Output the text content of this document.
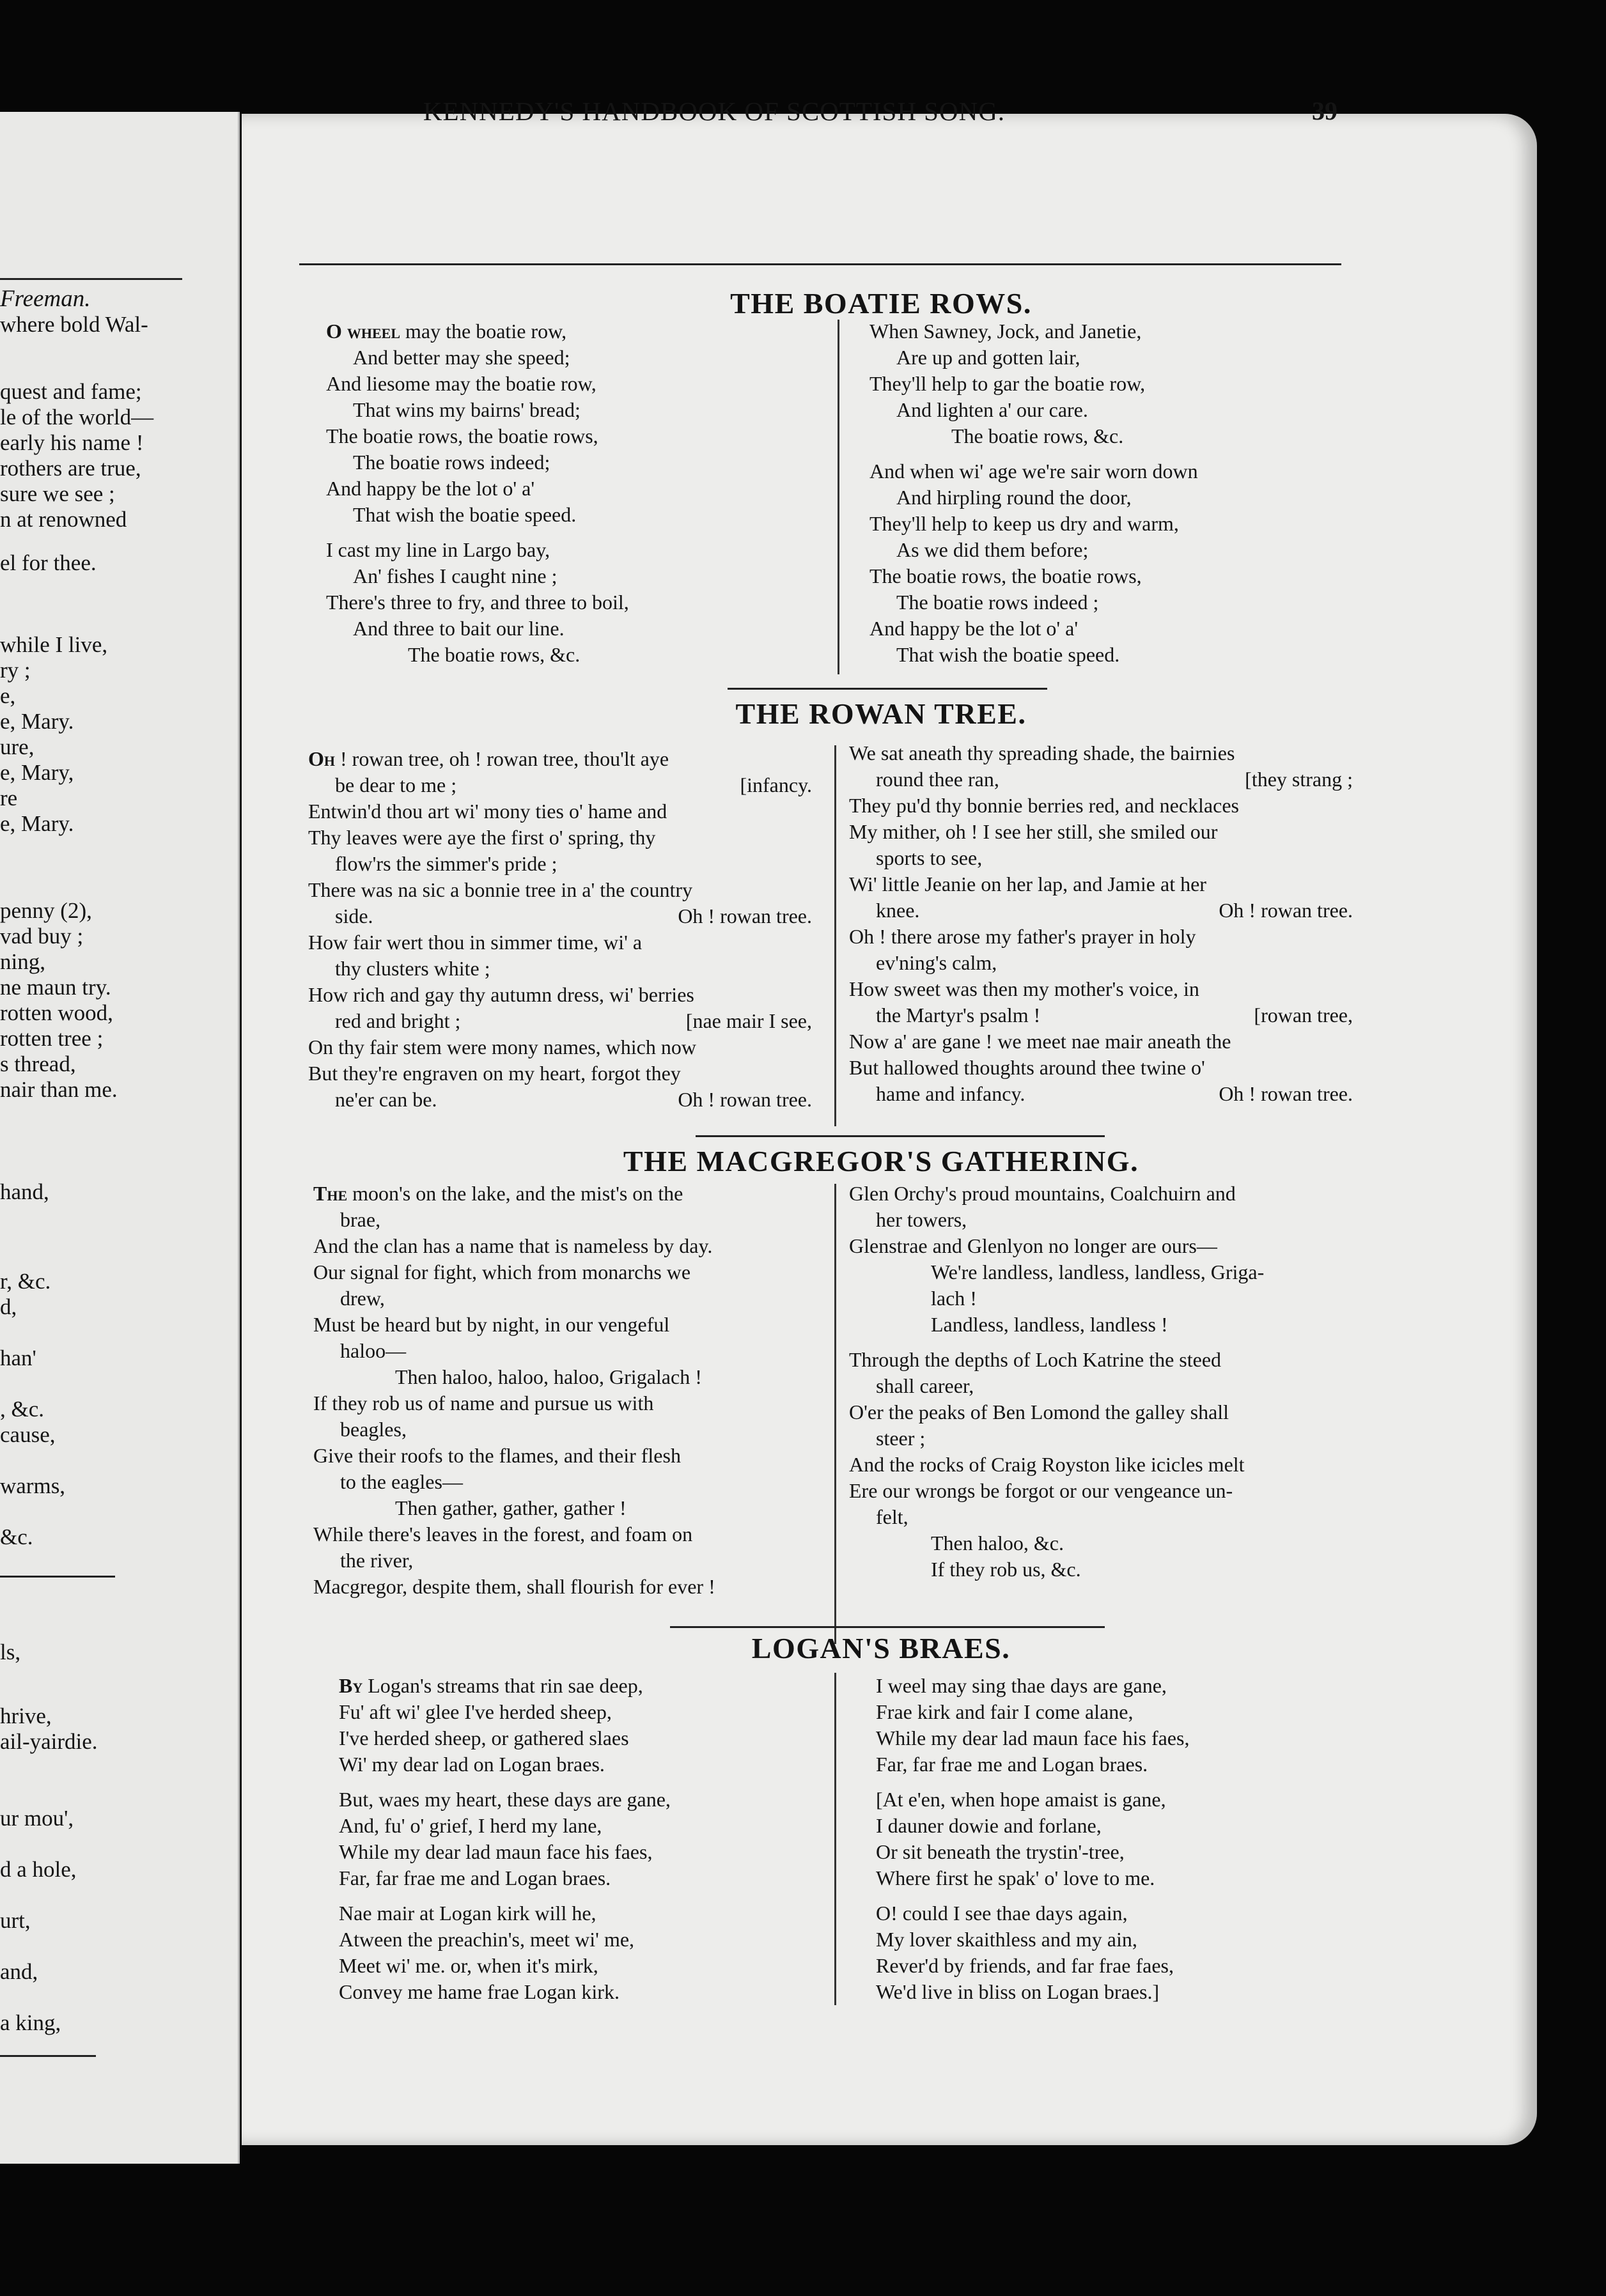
Freeman.
where bold Wal-
quest and fame;
le of the world—
early his name !
rothers are true,
sure we see ;
n at renowned
el for thee.
while I live,
ry ;
e,
e, Mary.
ure,
e, Mary,
re
e, Mary.
penny (2),
vad buy ;
ning,
ne maun try.
rotten wood,
rotten tree ;
s thread,
nair than me.
hand,
r, &c.
d,
han'
, &c.
cause,
warms,
&c.
ls,
hrive,
ail-yairdie.
ur mou',
d a hole,
urt,
and,
a king,
KENNEDY'S HANDBOOK OF SCOTTISH SONG.	39
THE BOATIE ROWS.
O wheel may the boatie row,
And better may she speed;
And liesome may the boatie row,
That wins my bairns' bread;
The boatie rows, the boatie rows,
The boatie rows indeed;
And happy be the lot o' a'
That wish the boatie speed.
I cast my line in Largo bay,
An' fishes I caught nine ;
There's three to fry, and three to boil,
And three to bait our line.
The boatie rows, &c.
When Sawney, Jock, and Janetie,
Are up and gotten lair,
They'll help to gar the boatie row,
And lighten a' our care.
The boatie rows, &c.
And when wi' age we're sair worn down
And hirpling round the door,
They'll help to keep us dry and warm,
As we did them before;
The boatie rows, the boatie rows,
The boatie rows indeed ;
And happy be the lot o' a'
That wish the boatie speed.
THE ROWAN TREE.
Oh ! rowan tree, oh ! rowan tree, thou'lt aye
be dear to me ;	[infancy.
Entwin'd thou art wi' mony ties o' hame and
Thy leaves were aye the first o' spring, thy
flow'rs the simmer's pride ;
There was na sic a bonnie tree in a' the country
side.	Oh ! rowan tree.
How fair wert thou in simmer time, wi' a
thy clusters white ;
How rich and gay thy autumn dress, wi' berries
red and bright ;	[nae mair I see,
On thy fair stem were mony names, which now
But they're engraven on my heart, forgot they
ne'er can be.	Oh ! rowan tree.
We sat aneath thy spreading shade, the bairnies
round thee ran,	[they strang ;
They pu'd thy bonnie berries red, and necklaces
My mither, oh ! I see her still, she smiled our
sports to see,
Wi' little Jeanie on her lap, and Jamie at her
knee.	Oh ! rowan tree.
Oh ! there arose my father's prayer in holy
ev'ning's calm,
How sweet was then my mother's voice, in
the Martyr's psalm !	[rowan tree,
Now a' are gane ! we meet nae mair aneath the
But hallowed thoughts around thee twine o'
hame and infancy.	Oh ! rowan tree.
THE MACGREGOR'S GATHERING.
The moon's on the lake, and the mist's on the
brae,
And the clan has a name that is nameless by day.
Our signal for fight, which from monarchs we
drew,
Must be heard but by night, in our vengeful
haloo—
Then haloo, haloo, haloo, Grigalach !
If they rob us of name and pursue us with
beagles,
Give their roofs to the flames, and their flesh
to the eagles—
Then gather, gather, gather !
While there's leaves in the forest, and foam on
the river,
Macgregor, despite them, shall flourish for ever !
Glen Orchy's proud mountains, Coalchuirn and
her towers,
Glenstrae and Glenlyon no longer are ours—
We're landless, landless, landless, Griga-
lach !
Landless, landless, landless !
Through the depths of Loch Katrine the steed
shall career,
O'er the peaks of Ben Lomond the galley shall
steer ;
And the rocks of Craig Royston like icicles melt
Ere our wrongs be forgot or our vengeance un-
felt,
Then haloo, &c.
If they rob us, &c.
LOGAN'S BRAES.
By Logan's streams that rin sae deep,
Fu' aft wi' glee I've herded sheep,
I've herded sheep, or gathered slaes
Wi' my dear lad on Logan braes.
But, waes my heart, these days are gane,
And, fu' o' grief, I herd my lane,
While my dear lad maun face his faes,
Far, far frae me and Logan braes.
Nae mair at Logan kirk will he,
Atween the preachin's, meet wi' me,
Meet wi' me. or, when it's mirk,
Convey me hame frae Logan kirk.
I weel may sing thae days are gane,
Frae kirk and fair I come alane,
While my dear lad maun face his faes,
Far, far frae me and Logan braes.
[At e'en, when hope amaist is gane,
I dauner dowie and forlane,
Or sit beneath the trystin'-tree,
Where first he spak' o' love to me.
O! could I see thae days again,
My lover skaithless and my ain,
Rever'd by friends, and far frae faes,
We'd live in bliss on Logan braes.]
